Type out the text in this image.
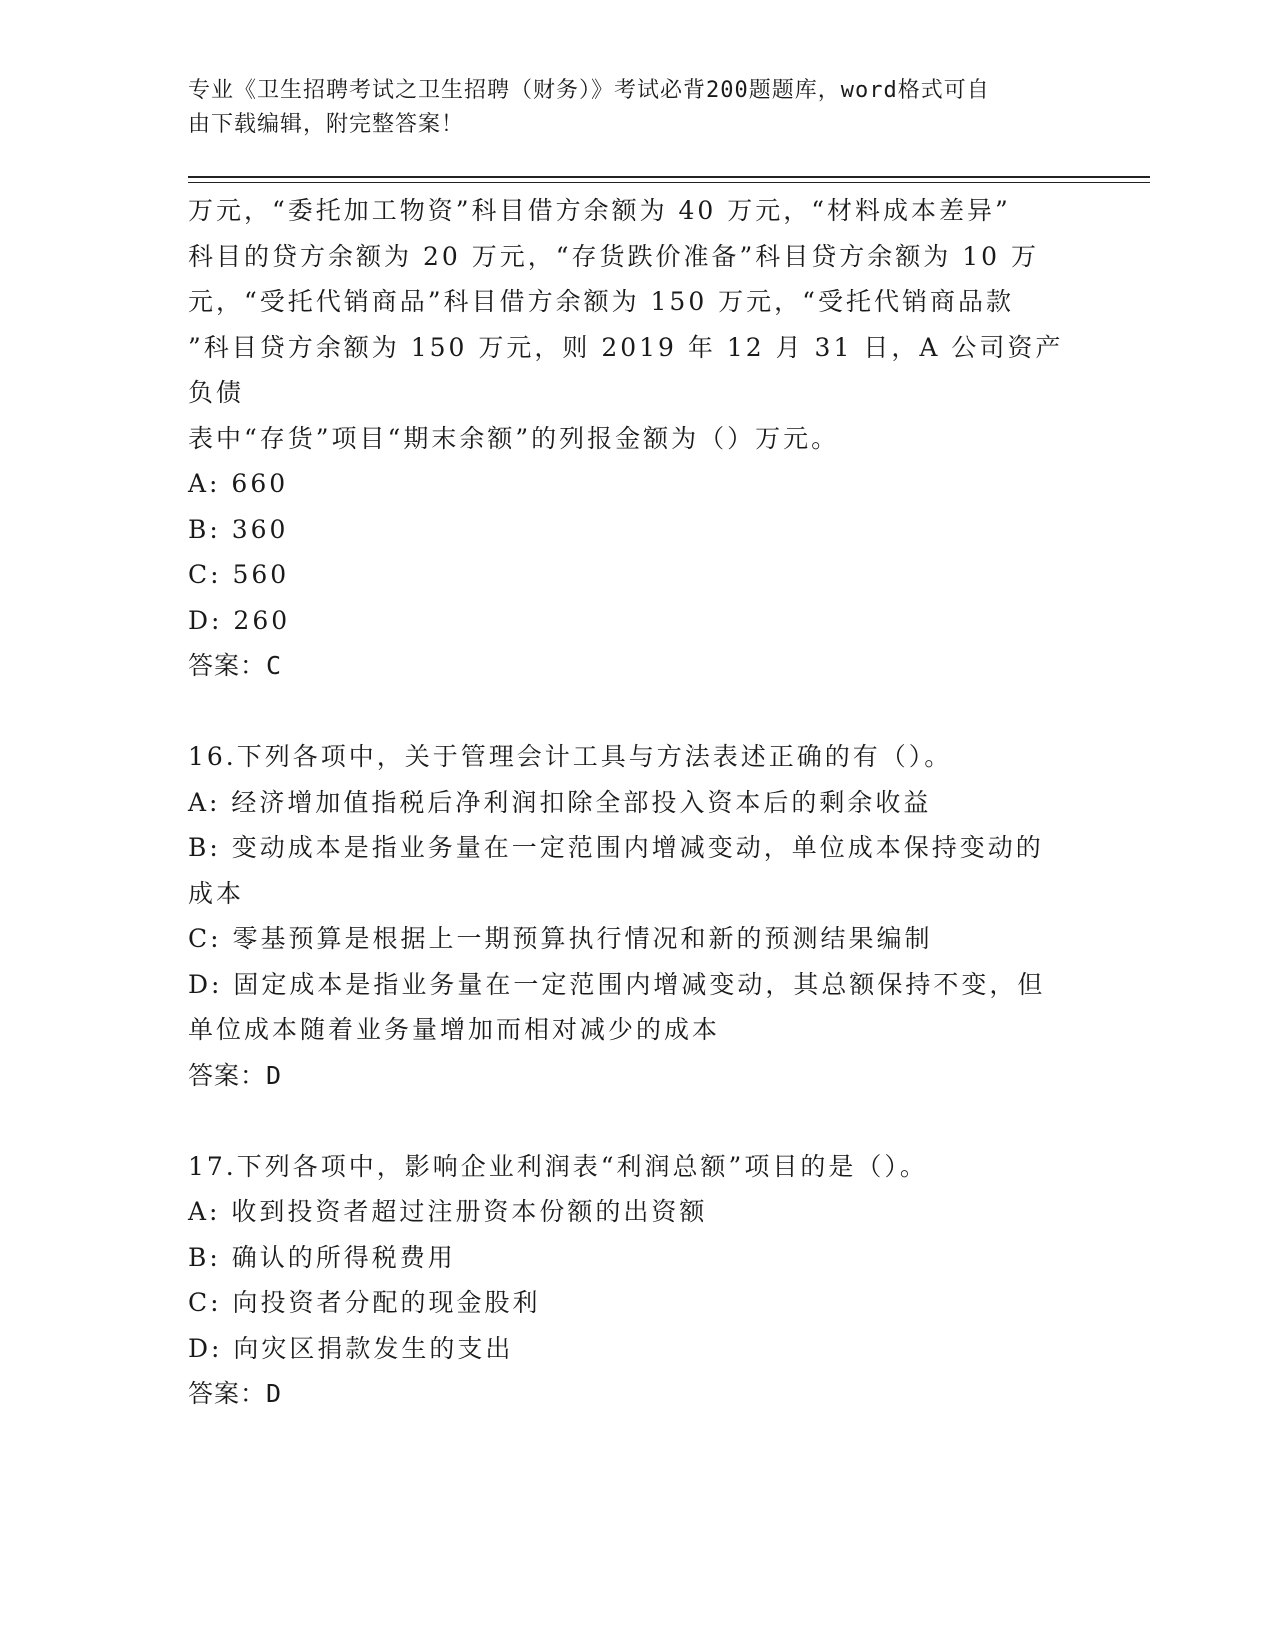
专业《卫生招聘考试之卫生招聘（财务）》考试必背200题题库，word格式可自
由下载编辑，附完整答案！

万元，“委托加工物资”科目借方余额为 40 万元，“材料成本差异”

科目的贷方余额为 20 万元，“存货跌价准备”科目贷方余额为 10 万

元，“受托代销商品”科目借方余额为 150 万元，“受托代销商品款

”科目贷方余额为 150 万元，则 2019 年 12 月 31 日，A 公司资产负债

表中“存货”项目“期末余额”的列报金额为（）万元。

A: 660

B: 360

C: 560

D: 260

答案：C

16.下列各项中，关于管理会计工具与方法表述正确的有（）。

A: 经济增加值指税后净利润扣除全部投入资本后的剩余收益

B: 变动成本是指业务量在一定范围内增减变动，单位成本保持变动的

成本

C: 零基预算是根据上一期预算执行情况和新的预测结果编制

D: 固定成本是指业务量在一定范围内增减变动，其总额保持不变，但

单位成本随着业务量增加而相对减少的成本

答案：D

17.下列各项中，影响企业利润表“利润总额”项目的是（）。

A: 收到投资者超过注册资本份额的出资额

B: 确认的所得税费用

C: 向投资者分配的现金股利

D: 向灾区捐款发生的支出

答案：D
